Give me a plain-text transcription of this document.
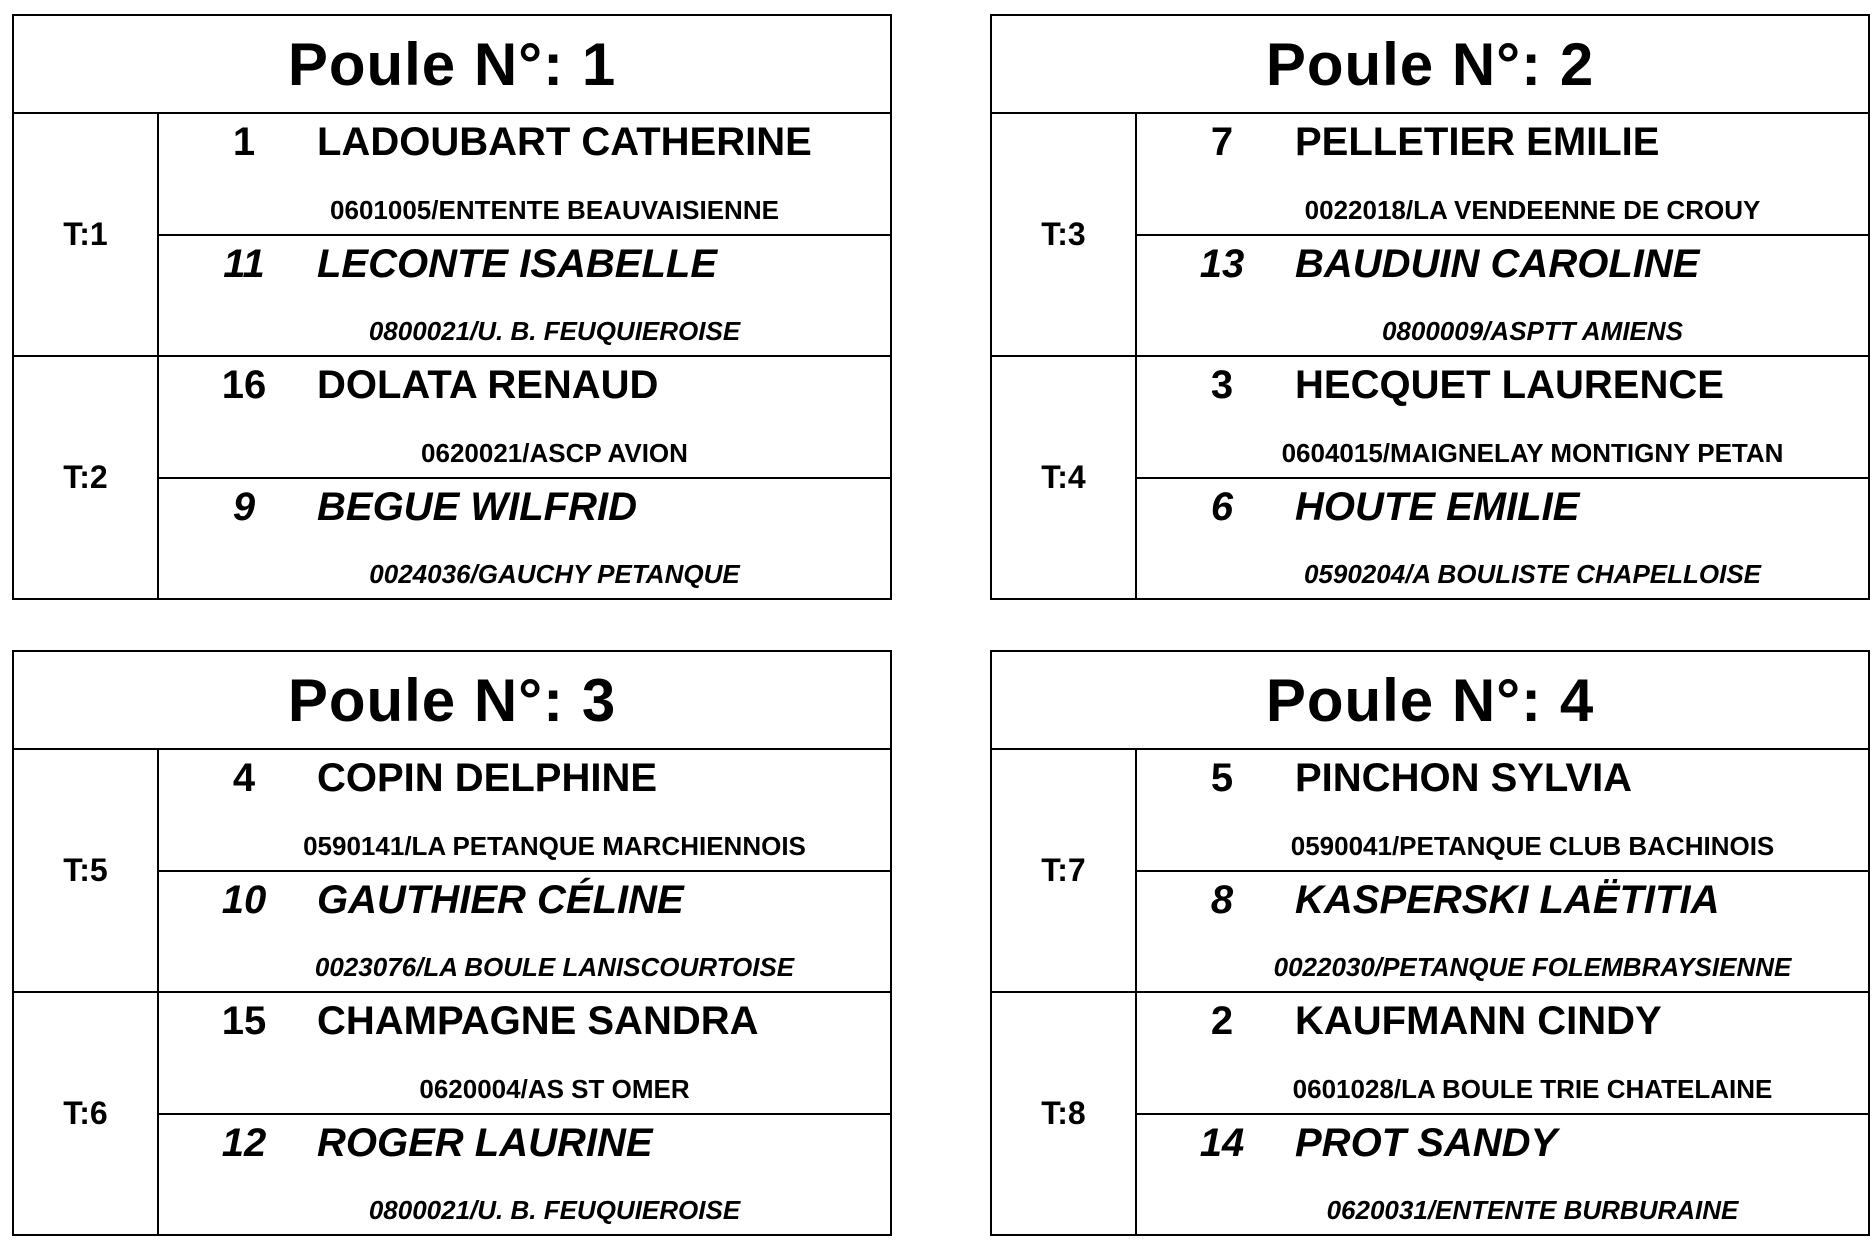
Poule N°: 1
T:1
1	LADOUBART CATHERINE
0601005/ENTENTE BEAUVAISIENNE
11	LECONTE ISABELLE
0800021/U. B. FEUQUIEROISE
T:2
16	DOLATA RENAUD
0620021/ASCP AVION
9	BEGUE WILFRID
0024036/GAUCHY PETANQUE
Poule N°: 2
T:3
7	PELLETIER EMILIE
0022018/LA VENDEENNE DE CROUY
13	BAUDUIN CAROLINE
0800009/ASPTT AMIENS
T:4
3	HECQUET LAURENCE
0604015/MAIGNELAY MONTIGNY PETAN
6	HOUTE EMILIE
0590204/A BOULISTE CHAPELLOISE
Poule N°: 3
T:5
4	COPIN DELPHINE
0590141/LA PETANQUE MARCHIENNOIS
10	GAUTHIER CÉLINE
0023076/LA BOULE LANISCOURTOISE
T:6
15	CHAMPAGNE SANDRA
0620004/AS ST OMER
12	ROGER LAURINE
0800021/U. B. FEUQUIEROISE
Poule N°: 4
T:7
5	PINCHON SYLVIA
0590041/PETANQUE CLUB BACHINOIS
8	KASPERSKI LAËTITIA
0022030/PETANQUE FOLEMBRAYSIENNE
T:8
2	KAUFMANN CINDY
0601028/LA BOULE TRIE CHATELAINE
14	PROT SANDY
0620031/ENTENTE BURBURAINE
